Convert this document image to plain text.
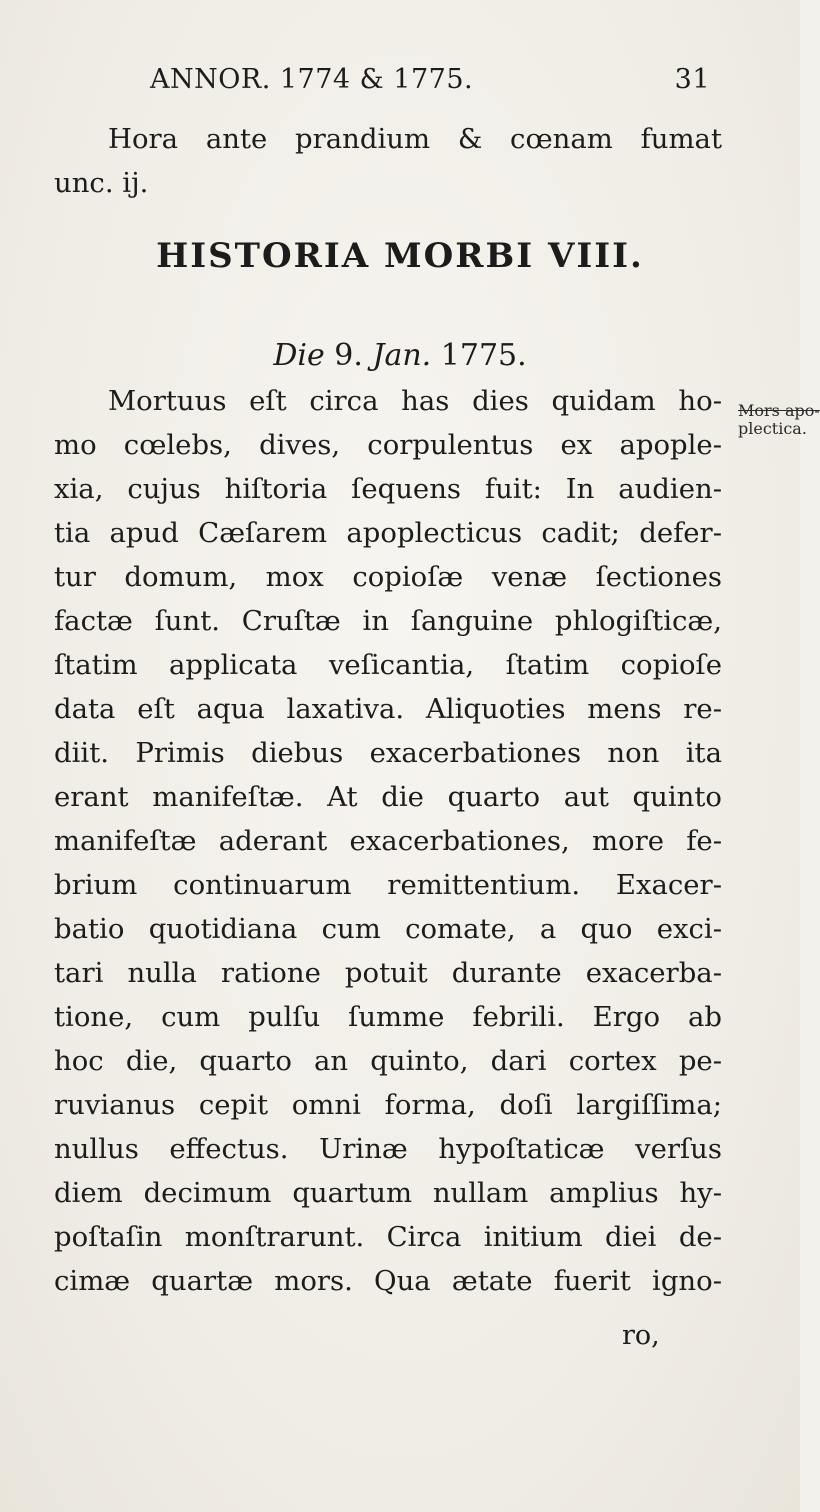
ANNOR. 1774 & 1775.	31
Hora ante prandium & cœnam fumat
unc. ij.
HISTORIA MORBI VIII.
Die 9. Jan. 1775.
Mors apo-
plectica.
Mortuus eſt circa has dies quidam ho-
mo cœlebs, dives, corpulentus ex apople-
xia, cujus hiſtoria ſequens fuit: In audien-
tia apud Cæſarem apoplecticus cadit; defer-
tur domum, mox copioſæ venæ ſectiones
factæ ſunt. Cruſtæ in ſanguine phlogiſticæ,
ſtatim applicata veſicantia, ſtatim copioſe
data eſt aqua laxativa. Aliquoties mens re-
diit. Primis diebus exacerbationes non ita
erant manifeſtæ. At die quarto aut quinto
manifeſtæ aderant exacerbationes, more fe-
brium continuarum remittentium. Exacer-
batio quotidiana cum comate, a quo exci-
tari nulla ratione potuit durante exacerba-
tione, cum pulſu ſumme febrili. Ergo ab
hoc die, quarto an quinto, dari cortex pe-
ruvianus cepit omni forma, doſi largiſſima;
nullus effectus. Urinæ hypoſtaticæ verſus
diem decimum quartum nullam amplius hy-
poſtaſin monſtrarunt. Circa initium diei de-
cimæ quartæ mors. Qua ætate fuerit igno-
ro,
